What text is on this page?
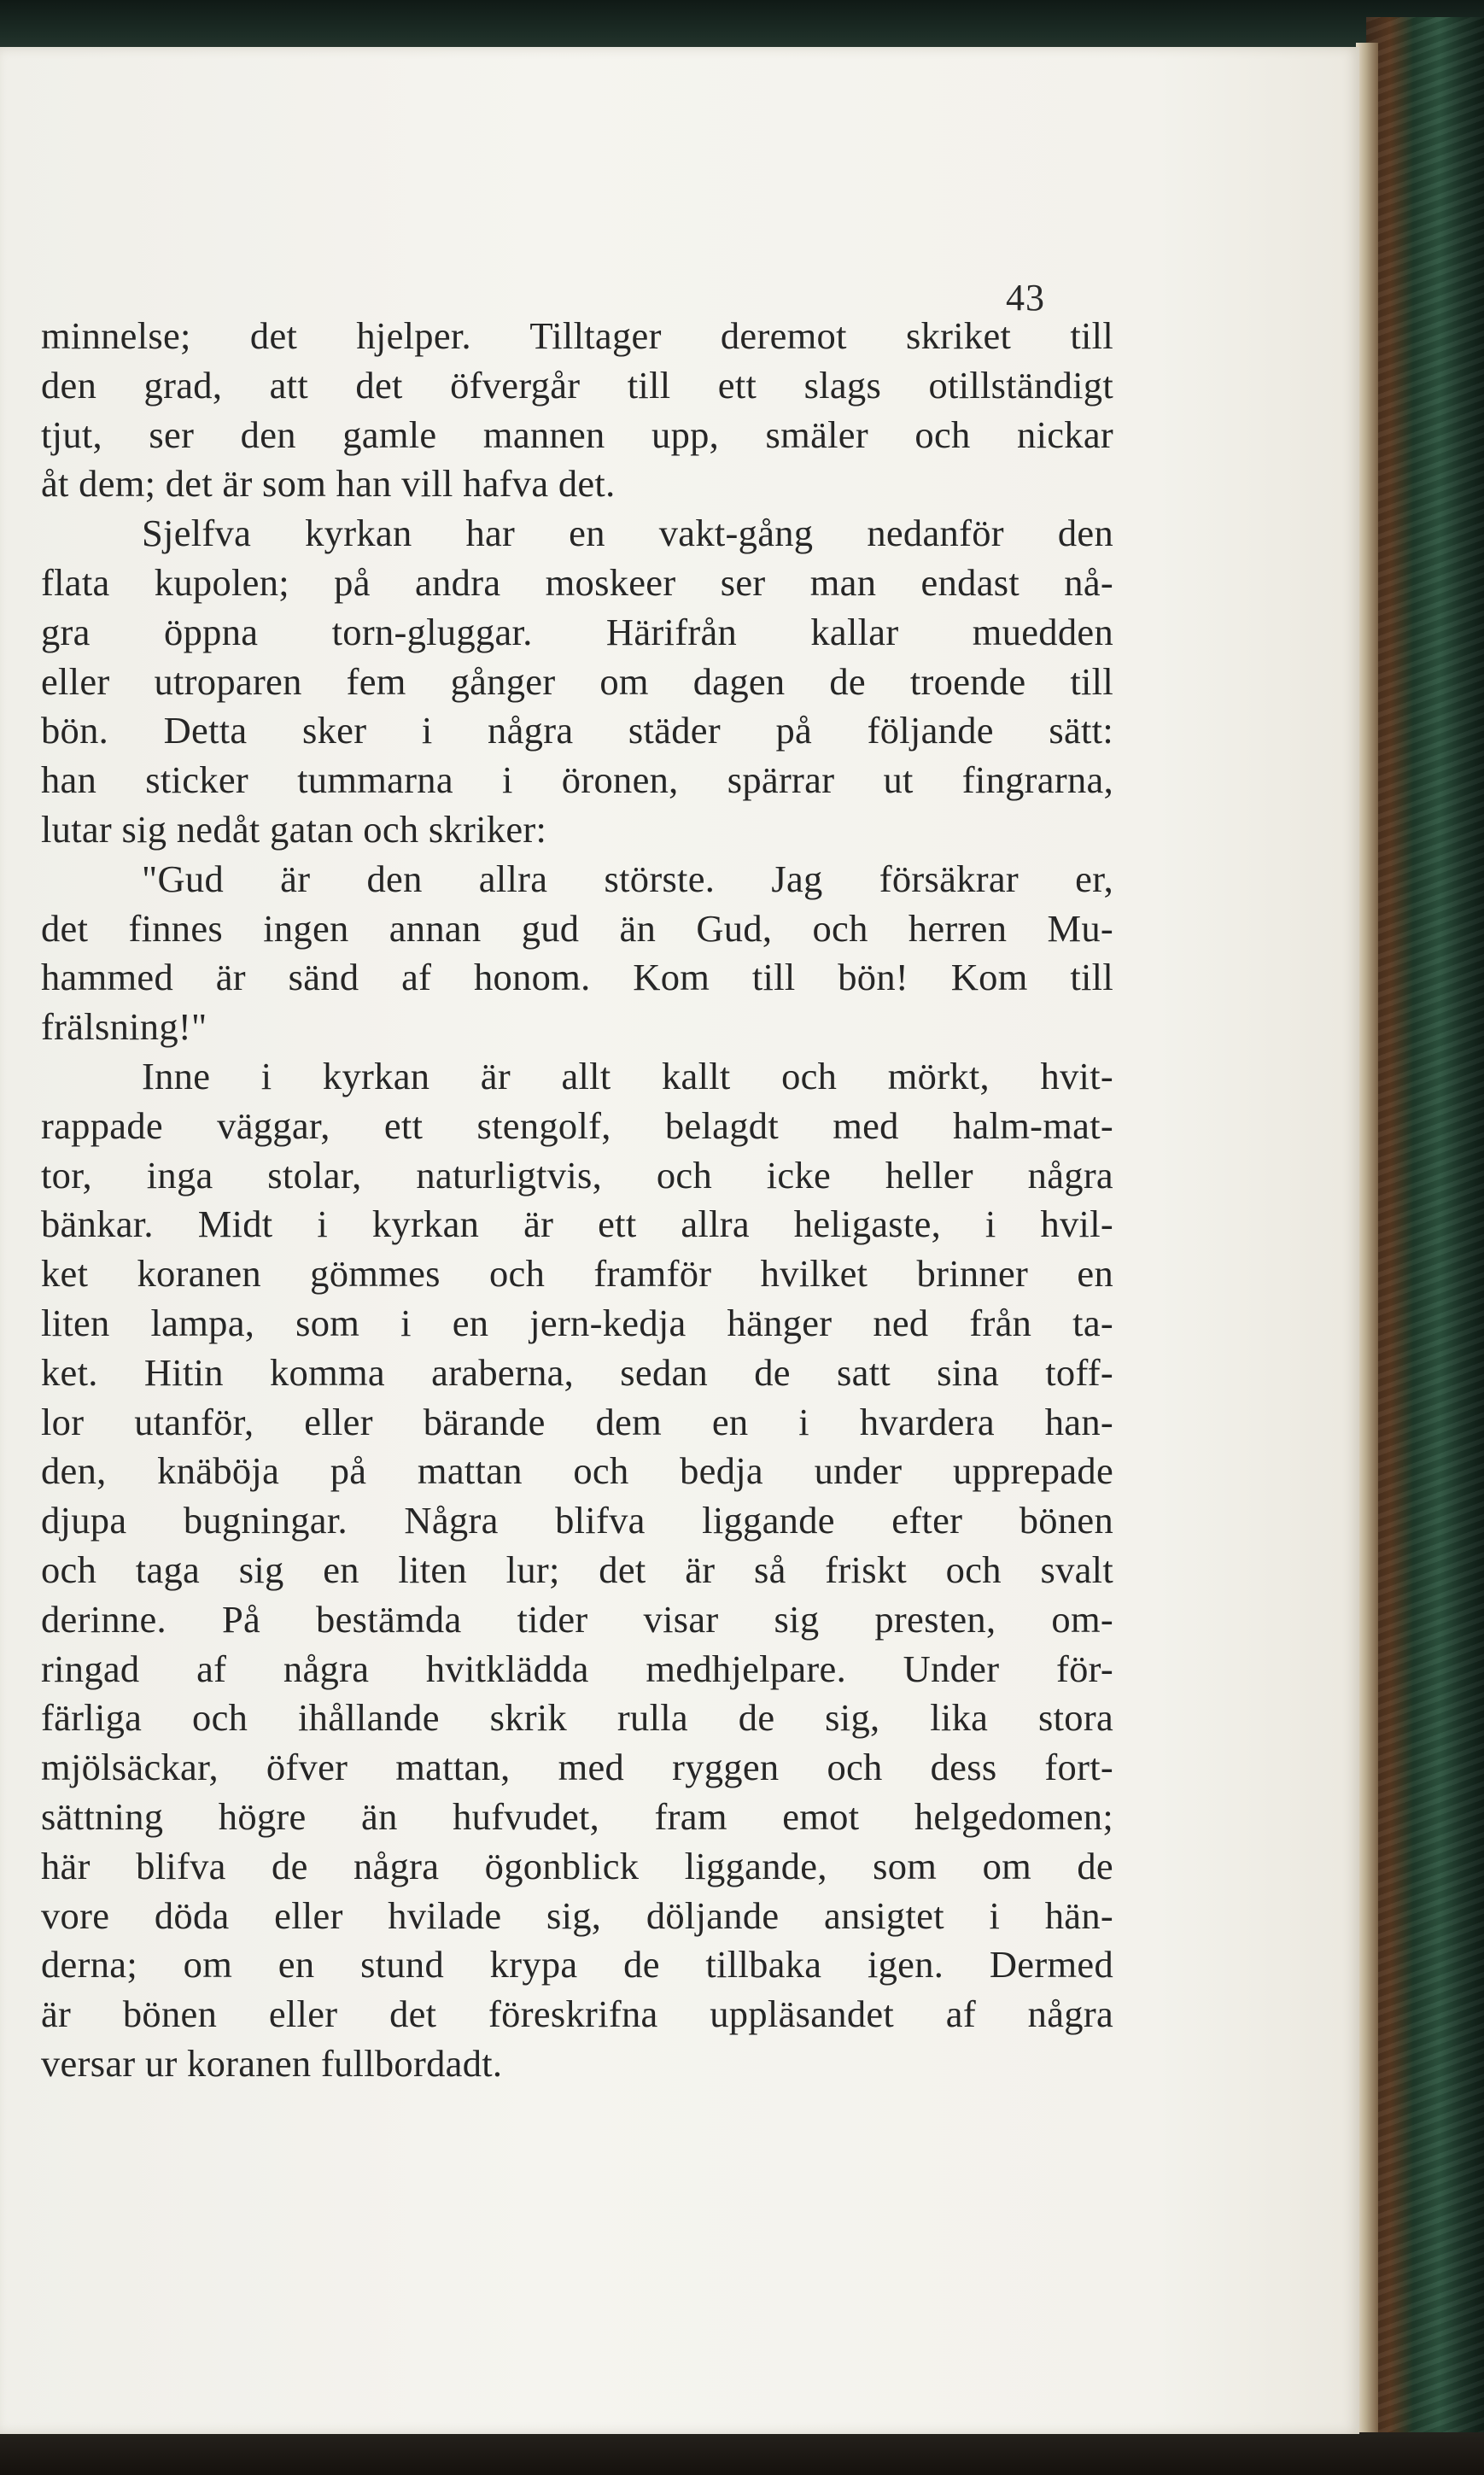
43
minnelse; det hjelper. Tilltager deremot skriket till
den grad, att det öfvergår till ett slags otillständigt
tjut, ser den gamle mannen upp, smäler och nickar
åt dem; det är som han vill hafva det.
Sjelfva kyrkan har en vakt-gång nedanför den
flata kupolen; på andra moskeer ser man endast nå-
gra öppna torn-gluggar. Härifrån kallar muedden
eller utroparen fem gånger om dagen de troende till
bön. Detta sker i några städer på följande sätt:
han sticker tummarna i öronen, spärrar ut fingrarna,
lutar sig nedåt gatan och skriker:
"Gud är den allra störste. Jag försäkrar er,
det finnes ingen annan gud än Gud, och herren Mu-
hammed är sänd af honom. Kom till bön! Kom till
frälsning!"
Inne i kyrkan är allt kallt och mörkt, hvit-
rappade väggar, ett stengolf, belagdt med halm-mat-
tor, inga stolar, naturligtvis, och icke heller några
bänkar. Midt i kyrkan är ett allra heligaste, i hvil-
ket koranen gömmes och framför hvilket brinner en
liten lampa, som i en jern-kedja hänger ned från ta-
ket. Hitin komma araberna, sedan de satt sina toff-
lor utanför, eller bärande dem en i hvardera han-
den, knäböja på mattan och bedja under upprepade
djupa bugningar. Några blifva liggande efter bönen
och taga sig en liten lur; det är så friskt och svalt
derinne. På bestämda tider visar sig presten, om-
ringad af några hvitklädda medhjelpare. Under för-
färliga och ihållande skrik rulla de sig, lika stora
mjölsäckar, öfver mattan, med ryggen och dess fort-
sättning högre än hufvudet, fram emot helgedomen;
här blifva de några ögonblick liggande, som om de
vore döda eller hvilade sig, döljande ansigtet i hän-
derna; om en stund krypa de tillbaka igen. Dermed
är bönen eller det föreskrifna uppläsandet af några
versar ur koranen fullbordadt.
